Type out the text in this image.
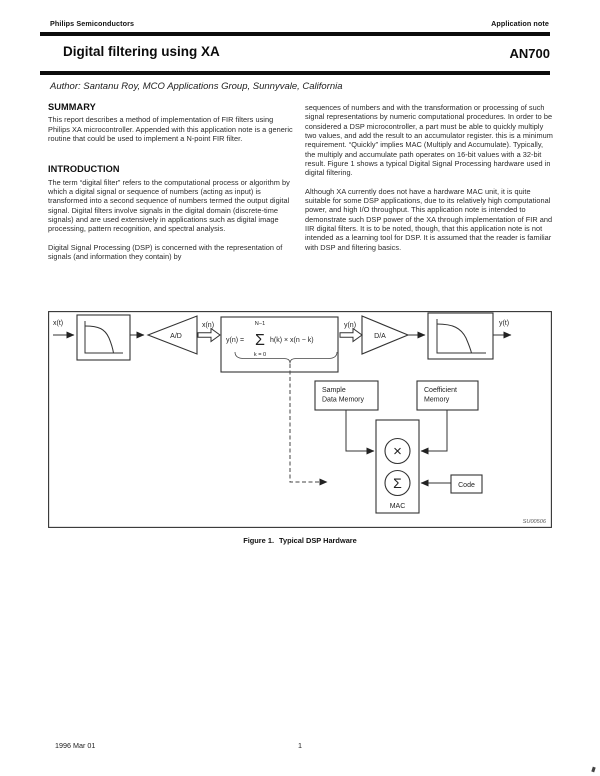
Philips Semiconductors	Application note
Digital filtering using XA	AN700

Author: Santanu Roy, MCO Applications Group, Sunnyvale, California

SUMMARY

This report describes a method of implementation of FIR filters using Philips XA microcontroller. Appended with this application note is a generic routine that could be used to implement a N-point FIR filter.

INTRODUCTION

The term “digital filter” refers to the computational process or algorithm by which a digital signal or sequence of numbers (acting as input) is transformed into a second sequence of numbers termed the output digital signal. Digital filters involve signals in the digital domain (discrete-time signals) and are used extensively in applications such as digital image processing, pattern recognition, and spectral analysis.

Digital Signal Processing (DSP) is concerned with the representation of signals (and information they contain) by

sequences of numbers and with the transformation or processing of such signal representations by numeric computational procedures. In order to be considered a DSP microcontroller, a part must be able to quickly multiply two values, and add the result to an accumulator register. this is a minimum requirement. “Quickly” implies MAC (Multiply and Accumulate). Typically, the multiply and accumulate path operates on 16-bit values with a 32-bit result. Figure 1 shows a typical Digital Signal Processing hardware used in digital filtering.

Although XA currently does not have a hardware MAC unit, it is quite suitable for some DSP applications, due to its relatively high computational power, and high I/O throughput. This application note is intended to demonstrate such DSP power of the XA through implementation of FIR and IIR digital filters. It is to be noted, though, that this application note is not intended as a learning tool for DSP. It is assumed that the reader is familiar with DSP and filtering basics.

x(t)
A/D
x(n)
y(n) = Σ
N−1
k = 0
h(k) × x(n − k)
y(n)
D/A
y(t)
Sample
Data Memory
Coefficient
Memory
×
Σ
MAC
Code
SU00506
Figure 1. Typical DSP Hardware
1996 Mar 01	1
